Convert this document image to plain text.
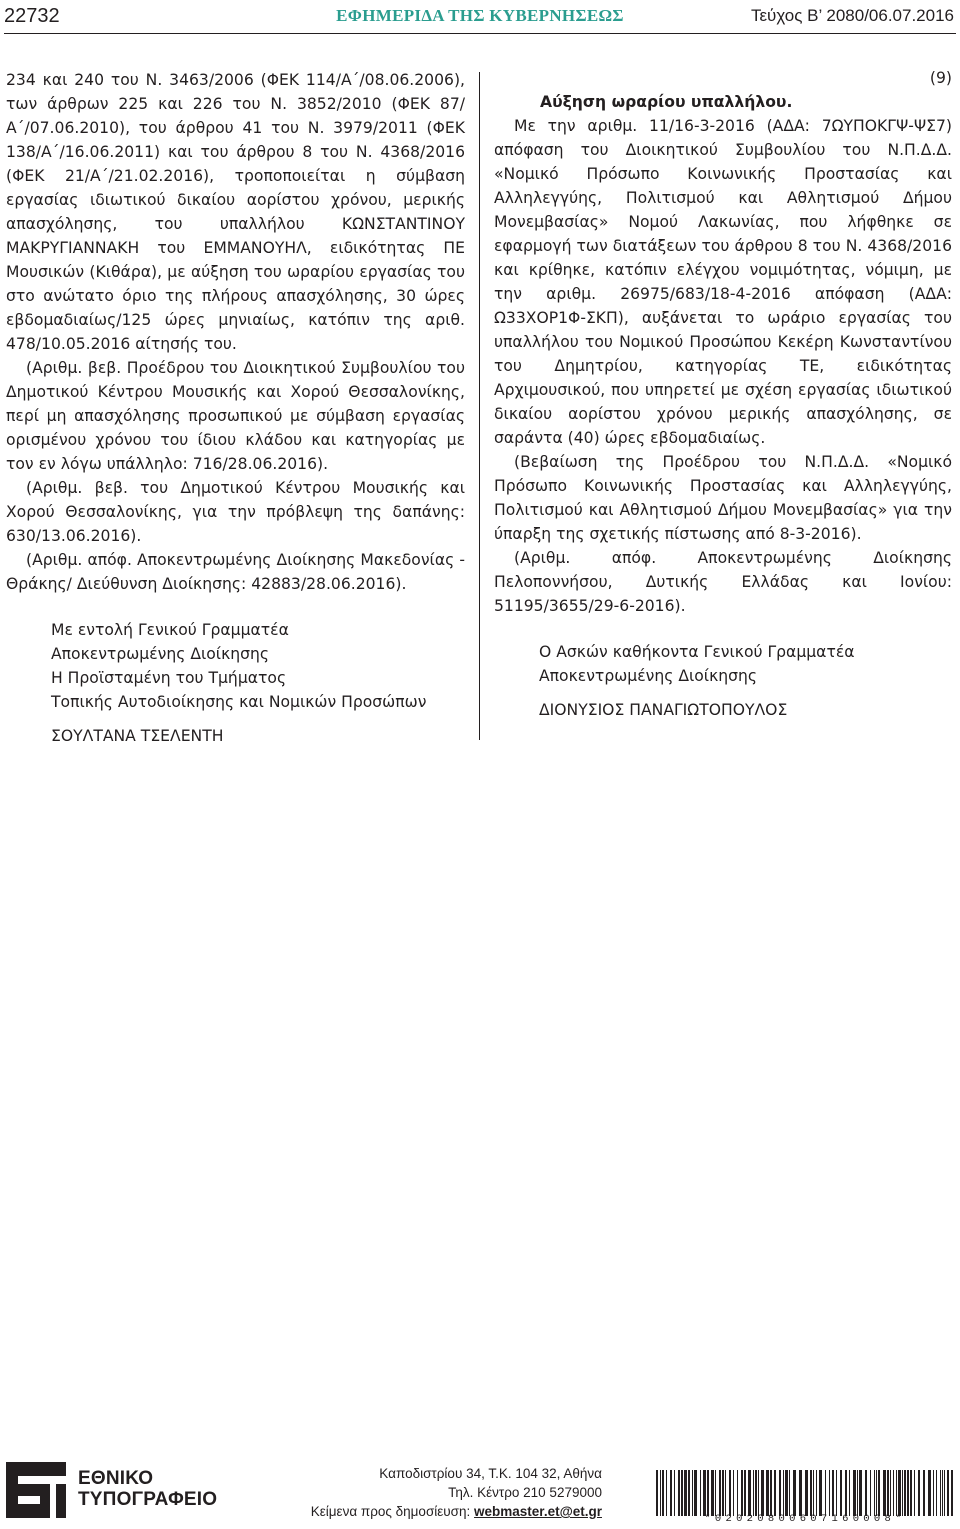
22732	ΕΦΗΜΕΡΙΔΑ ΤΗΣ ΚΥΒΕΡΝΗΣΕΩΣ	Τεύχος Β’ 2080/06.07.2016

234 και 240 του Ν. 3463/2006 (ΦΕΚ 114/Α΄/08.06.2006), των άρθρων 225 και 226 του Ν. 3852/2010 (ΦΕΚ 87/Α΄/07.06.2010), του άρθρου 41 του Ν. 3979/2011 (ΦΕΚ 138/Α΄/16.06.2011) και του άρθρου 8 του Ν. 4368/2016 (ΦΕΚ 21/Α΄/21.02.2016), τροποποιείται η σύμβαση εργασίας ιδιωτικού δικαίου αορίστου χρόνου, μερικής απασχόλησης, του υπαλλήλου ΚΩΝΣΤΑΝΤΙΝΟΥ ΜΑΚΡΥΓΙΑΝΝΑΚΗ του ΕΜΜΑΝΟΥΗΛ, ειδικότητας ΠΕ Μουσικών (Κιθάρα), με αύξηση του ωραρίου εργασίας του στο ανώτατο όριο της πλήρους απασχόλησης, 30 ώρες εβδομαδιαίως/125 ώρες μηνιαίως, κατόπιν της αριθ. 478/10.05.2016 αίτησής του.

(Αριθμ. βεβ. Προέδρου του Διοικητικού Συμβουλίου του Δημοτικού Κέντρου Μουσικής και Χορού Θεσσαλονίκης, περί μη απασχόλησης προσωπικού με σύμβαση εργασίας ορισμένου χρόνου του ίδιου κλάδου και κατηγορίας με τον εν λόγω υπάλληλο: 716/28.06.2016).

(Αριθμ. βεβ. του Δημοτικού Κέντρου Μουσικής και Χορού Θεσσαλονίκης, για την πρόβλεψη της δαπάνης: 630/13.06.2016).

(Αριθμ. απόφ. Αποκεντρωμένης Διοίκησης Μακεδονίας - Θράκης/ Διεύθυνση Διοίκησης: 42883/28.06.2016).

Με εντολή Γενικού Γραμματέα

Αποκεντρωμένης Διοίκησης

Η Προϊσταμένη του Τμήματος

Τοπικής Αυτοδιοίκησης και Νομικών Προσώπων

ΣΟΥΛΤΑΝΑ ΤΣΕΛΕΝΤΗ

(9)

Αύξηση ωραρίου υπαλλήλου.

Με την αριθμ. 11/16-3-2016 (ΑΔΑ: 7ΩΥΠΟΚΓΨ-ΨΣ7) απόφαση του Διοικητικού Συμβουλίου του Ν.Π.Δ.Δ. «Νομικό Πρόσωπο Κοινωνικής Προστασίας και Αλληλεγγύης, Πολιτισμού και Αθλητισμού Δήμου Μονεμβασίας» Νομού Λακωνίας, που λήφθηκε σε εφαρμογή των διατάξεων του άρθρου 8 του Ν. 4368/2016 και κρίθηκε, κατόπιν ελέγχου νομιμότητας, νόμιμη, με την αριθμ. 26975/683/18-4-2016 απόφαση (ΑΔΑ: Ω33ΧΟΡ1Φ-ΣΚΠ), αυξάνεται το ωράριο εργασίας του υπαλλήλου του Νομικού Προσώπου Κεκέρη Κωνσταντίνου του Δημητρίου, κατηγορίας ΤΕ, ειδικότητας Αρχιμουσικού, που υπηρετεί με σχέση εργασίας ιδιωτικού δικαίου αορίστου χρόνου μερικής απασχόλησης, σε σαράντα (40) ώρες εβδομαδιαίως.

(Βεβαίωση της Προέδρου του Ν.Π.Δ.Δ. «Νομικό Πρόσωπο Κοινωνικής Προστασίας και Αλληλεγγύης, Πολιτισμού και Αθλητισμού Δήμου Μονεμβασίας» για την ύπαρξη της σχετικής πίστωσης από 8-3-2016).

(Αριθμ. απόφ. Αποκεντρωμένης Διοίκησης Πελοποννήσου, Δυτικής Ελλάδας και Ιονίου: 51195/3655/29-6-2016).

Ο Ασκών καθήκοντα Γενικού Γραμματέα

Αποκεντρωμένης Διοίκησης

ΔΙΟΝΥΣΙΟΣ ΠΑΝΑΓΙΩΤΟΠΟΥΛΟΣ

ΕΘΝΙΚΟ
ΤΥΠΟΓΡΑΦΕΙΟ
Καποδιστρίου 34, Τ.Κ. 104 32, Αθήνα
Τηλ. Κέντρο 210 5279000
Κείμενα προς δημοσίευση: webmaster.et@et.gr	*02020800607160008*
